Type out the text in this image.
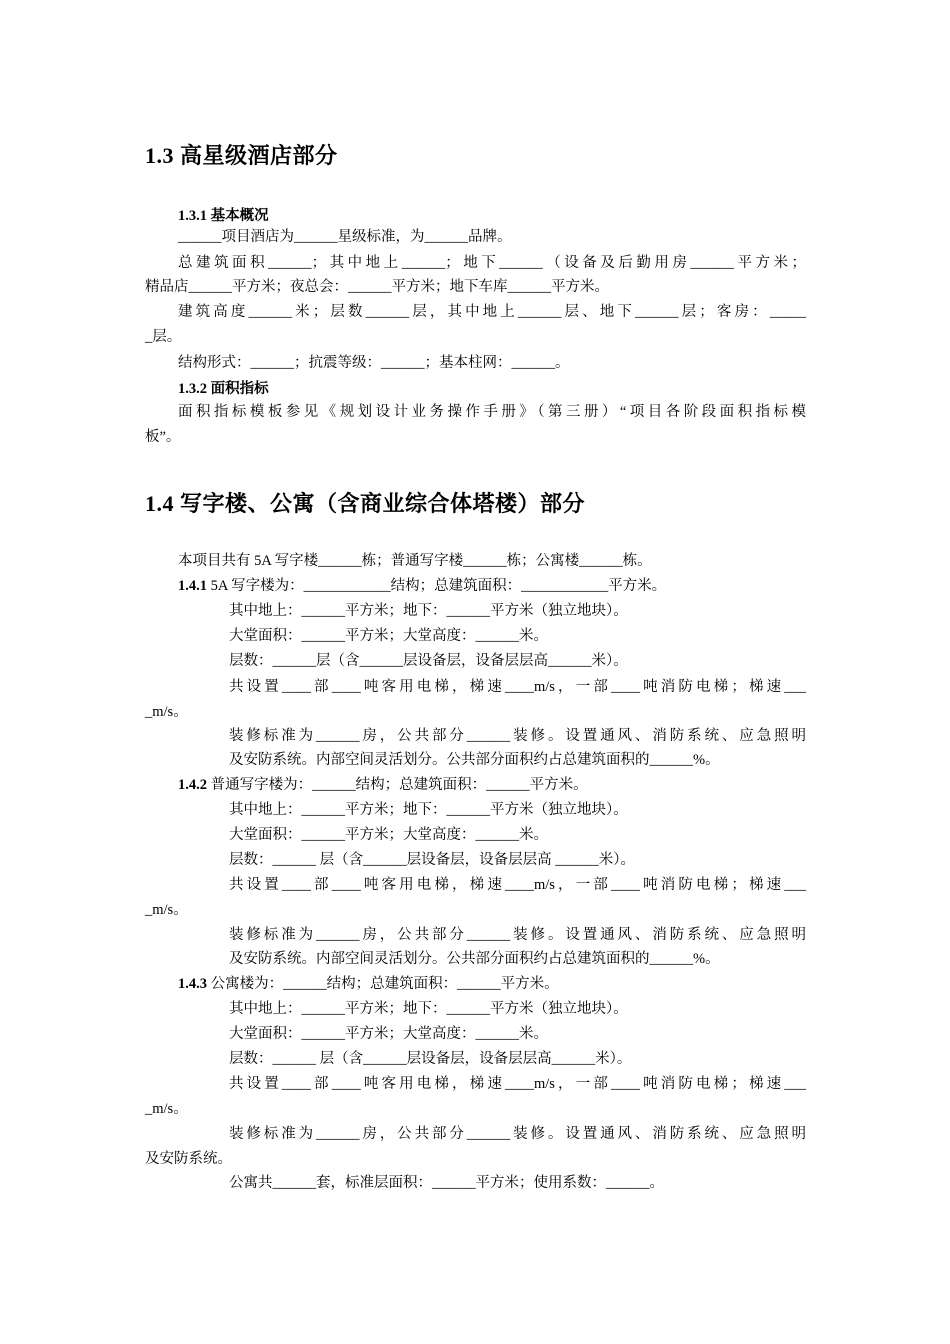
1.3 高星级酒店部分
1.3.1 基本概况
______项目酒店为______星级标准，为______品牌。
总建筑面积______；其中地上______；地下______（设备及后勤用房______平方米；
精品店______平方米；夜总会：______平方米；地下车库______平方米。
建筑高度______米；层数______层，其中地上______层、地下______层；客房：_____
_层。
结构形式：______；抗震等级：______；基本柱网：______。
1.3.2 面积指标
面积指标模板参见《规划设计业务操作手册》（第三册）“项目各阶段面积指标模
板”。
1.4 写字楼、公寓（含商业综合体塔楼）部分
本项目共有 5A 写字楼______栋；普通写字楼______栋；公寓楼______栋。
1.4.1 5A 写字楼为：____________结构；总建筑面积：____________平方米。
其中地上：______平方米；地下：______平方米（独立地块）。
大堂面积：______平方米；大堂高度：______米。
层数：______层（含______层设备层，设备层层高______米）。
共设置____部____吨客用电梯，梯速____m/s，一部____吨消防电梯；梯速___
_m/s。
装修标准为______房，公共部分______装修。设置通风、消防系统、应急照明
及安防系统。内部空间灵活划分。公共部分面积约占总建筑面积的______%。
1.4.2 普通写字楼为：______结构；总建筑面积：______平方米。
其中地上：______平方米；地下：______平方米（独立地块）。
大堂面积：______平方米；大堂高度：______米。
层数：______ 层（含______层设备层，设备层层高 ______米）。
共设置____部____吨客用电梯，梯速____m/s，一部____吨消防电梯；梯速___
_m/s。
装修标准为______房，公共部分______装修。设置通风、消防系统、应急照明
及安防系统。内部空间灵活划分。公共部分面积约占总建筑面积的______%。
1.4.3 公寓楼为：______结构；总建筑面积：______平方米。
其中地上：______平方米；地下：______平方米（独立地块）。
大堂面积：______平方米；大堂高度：______米。
层数：______ 层（含______层设备层，设备层层高______米）。
共设置____部____吨客用电梯，梯速____m/s，一部____吨消防电梯；梯速___
_m/s。
装修标准为______房，公共部分______装修。设置通风、消防系统、应急照明
及安防系统。
公寓共______套，标准层面积：______平方米；使用系数：______。
